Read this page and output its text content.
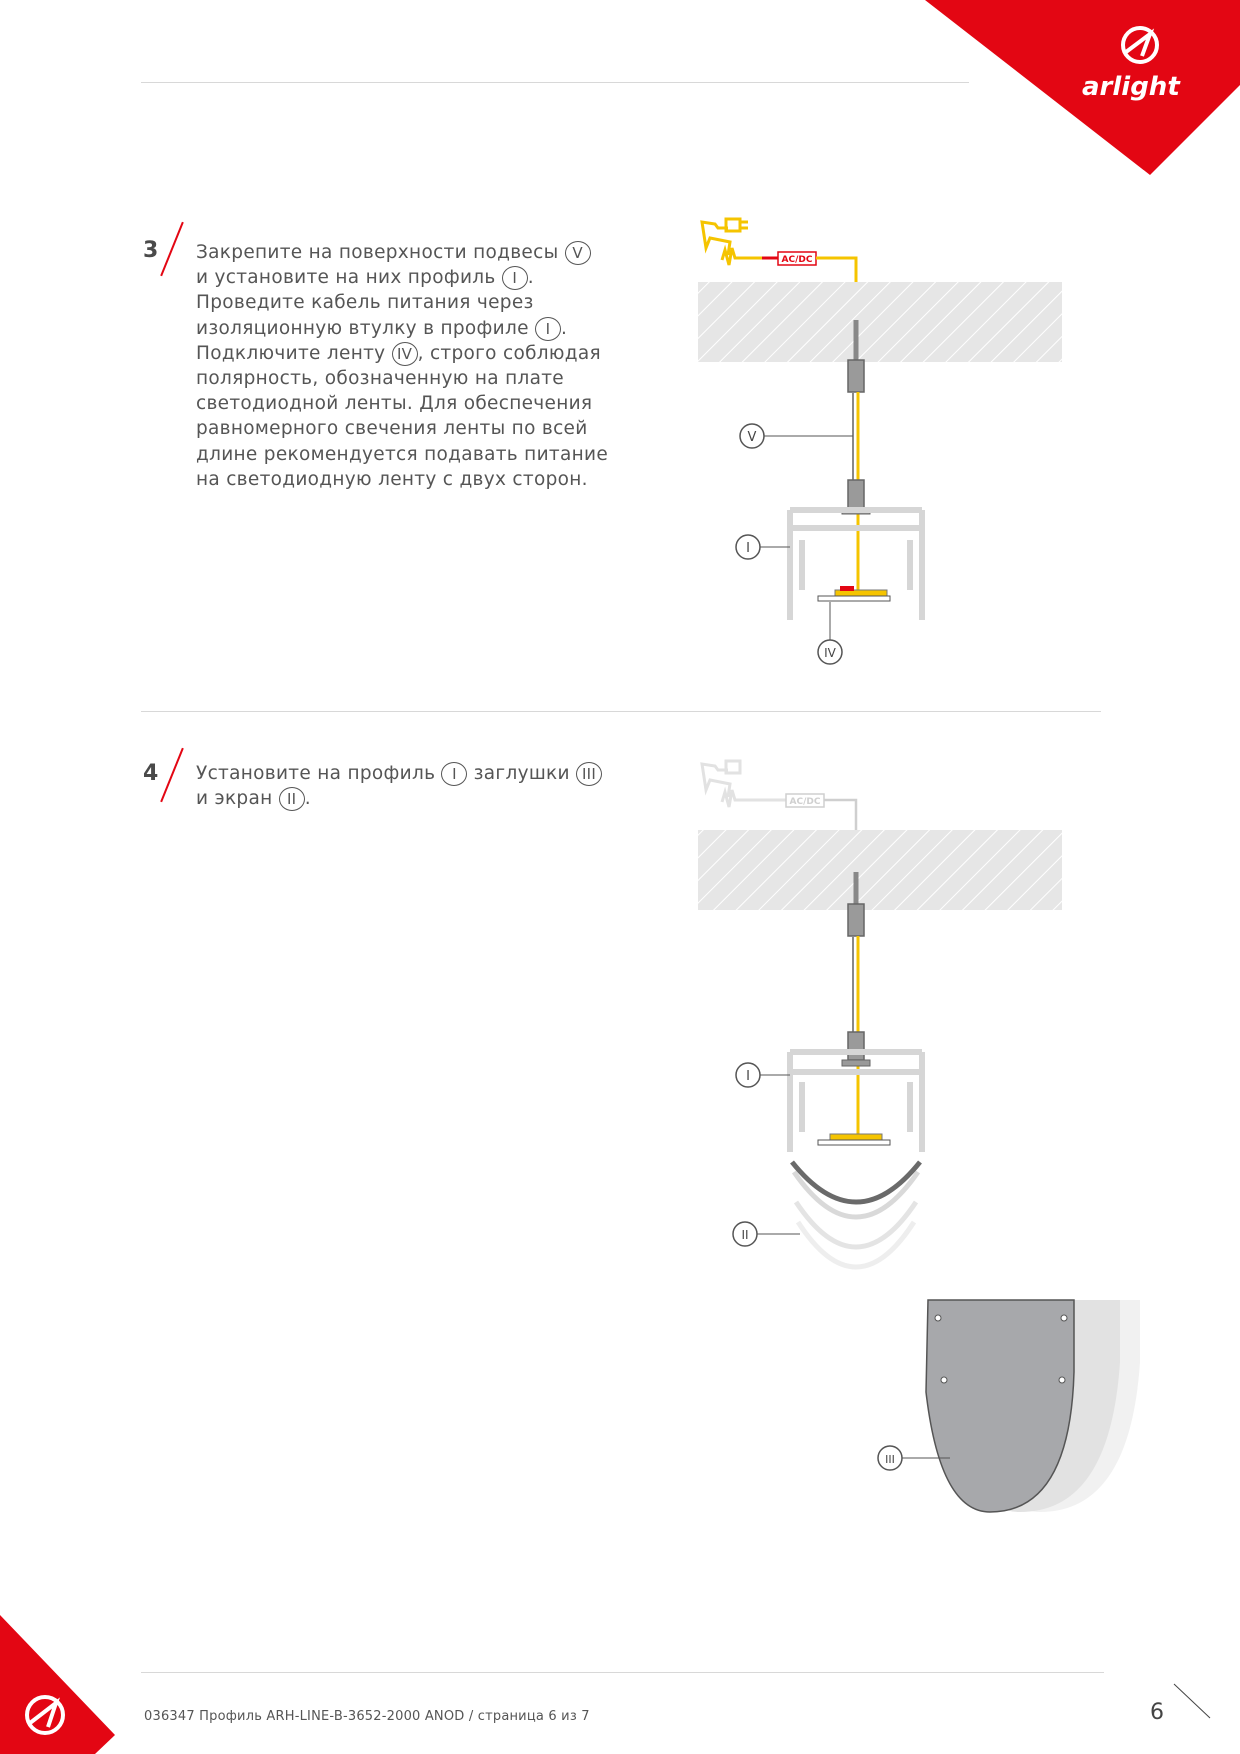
arlight
3 Закрепите на поверхности подвесы V
и установите на них профиль I .
Проведите кабель питания через
изоляционную втулку в профиле I .
Подключите ленту IV , строго соблюдая
полярность, обозначенную на плате
светодиодной ленты. Для обеспечения
равномерного свечения ленты по всей
длине рекомендуется подавать питание
на светодиодную ленту с двух сторон.
4 Установите на профиль I заглушки III
и экран II .
AC/DC
V
I
IV
AC/DC
I
II
III
036347 Профиль ARH-LINE-B-3652-2000 ANOD / страница 6 из 7	6
